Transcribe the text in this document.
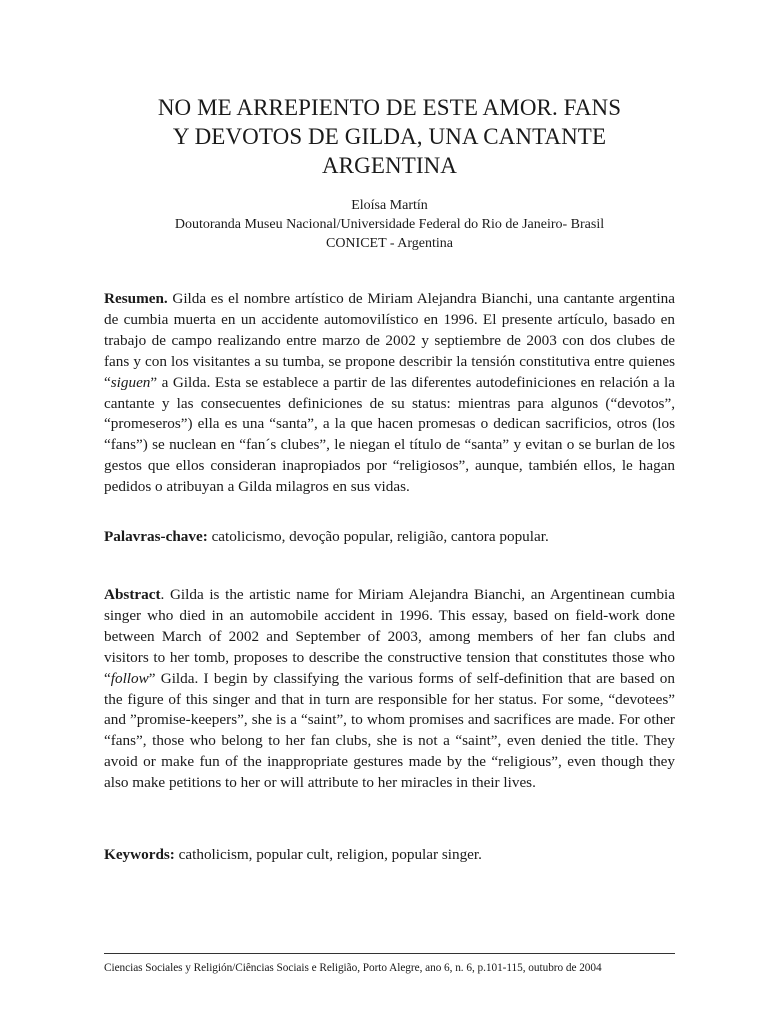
NO ME ARREPIENTO DE ESTE AMOR. FANS
Y DEVOTOS DE GILDA, UNA CANTANTE
ARGENTINA
Eloísa Martín
Doutoranda Museu Nacional/Universidade Federal do Rio de Janeiro- Brasil
CONICET - Argentina

Resumen. Gilda es el nombre artístico de Miriam Alejandra Bianchi, una cantante argentina de cumbia muerta en un accidente automovilístico en 1996. El presente artículo, basado en trabajo de campo realizando entre marzo de 2002 y septiembre de 2003 con dos clubes de fans y con los visitantes a su tumba, se propone describir la tensión constitutiva entre quienes “siguen” a Gilda. Esta se establece a partir de las diferentes autodefiniciones en relación a la cantante y las consecuentes definiciones de su status: mientras para algunos (“devotos”, “promeseros”) ella es una “santa”, a la que hacen promesas o dedican sacrificios, otros (los “fans”) se nuclean en “fan´s clubes”, le niegan el título de “santa” y evitan o se burlan de los gestos que ellos consideran inapropiados por “religiosos”, aunque, también ellos, le hagan pedidos o atribuyan a Gilda milagros en sus vidas.

Palavras-chave: catolicismo, devoção popular, religião, cantora popular.

Abstract. Gilda is the artistic name for Miriam Alejandra Bianchi, an Argentinean cumbia singer who died in an automobile accident in 1996. This essay, based on field-work done between March of 2002 and September of 2003, among members of her fan clubs and visitors to her tomb, proposes to describe the constructive tension that constitutes those who “follow” Gilda. I begin by classifying the various forms of self-definition that are based on the figure of this singer and that in turn are responsible for her status. For some, “devotees” and ”promise-keepers”, she is a “saint”, to whom promises and sacrifices are made. For other “fans”, those who belong to her fan clubs, she is not a “saint”, even denied the title. They avoid or make fun of the inappropriate gestures made by the “religious”, even though they also make petitions to her or will attribute to her miracles in their lives.

Keywords: catholicism, popular cult, religion, popular singer.

Ciencias Sociales y Religión/Ciências Sociais e Religião, Porto Alegre, ano 6, n. 6, p.101-115, outubro de 2004
